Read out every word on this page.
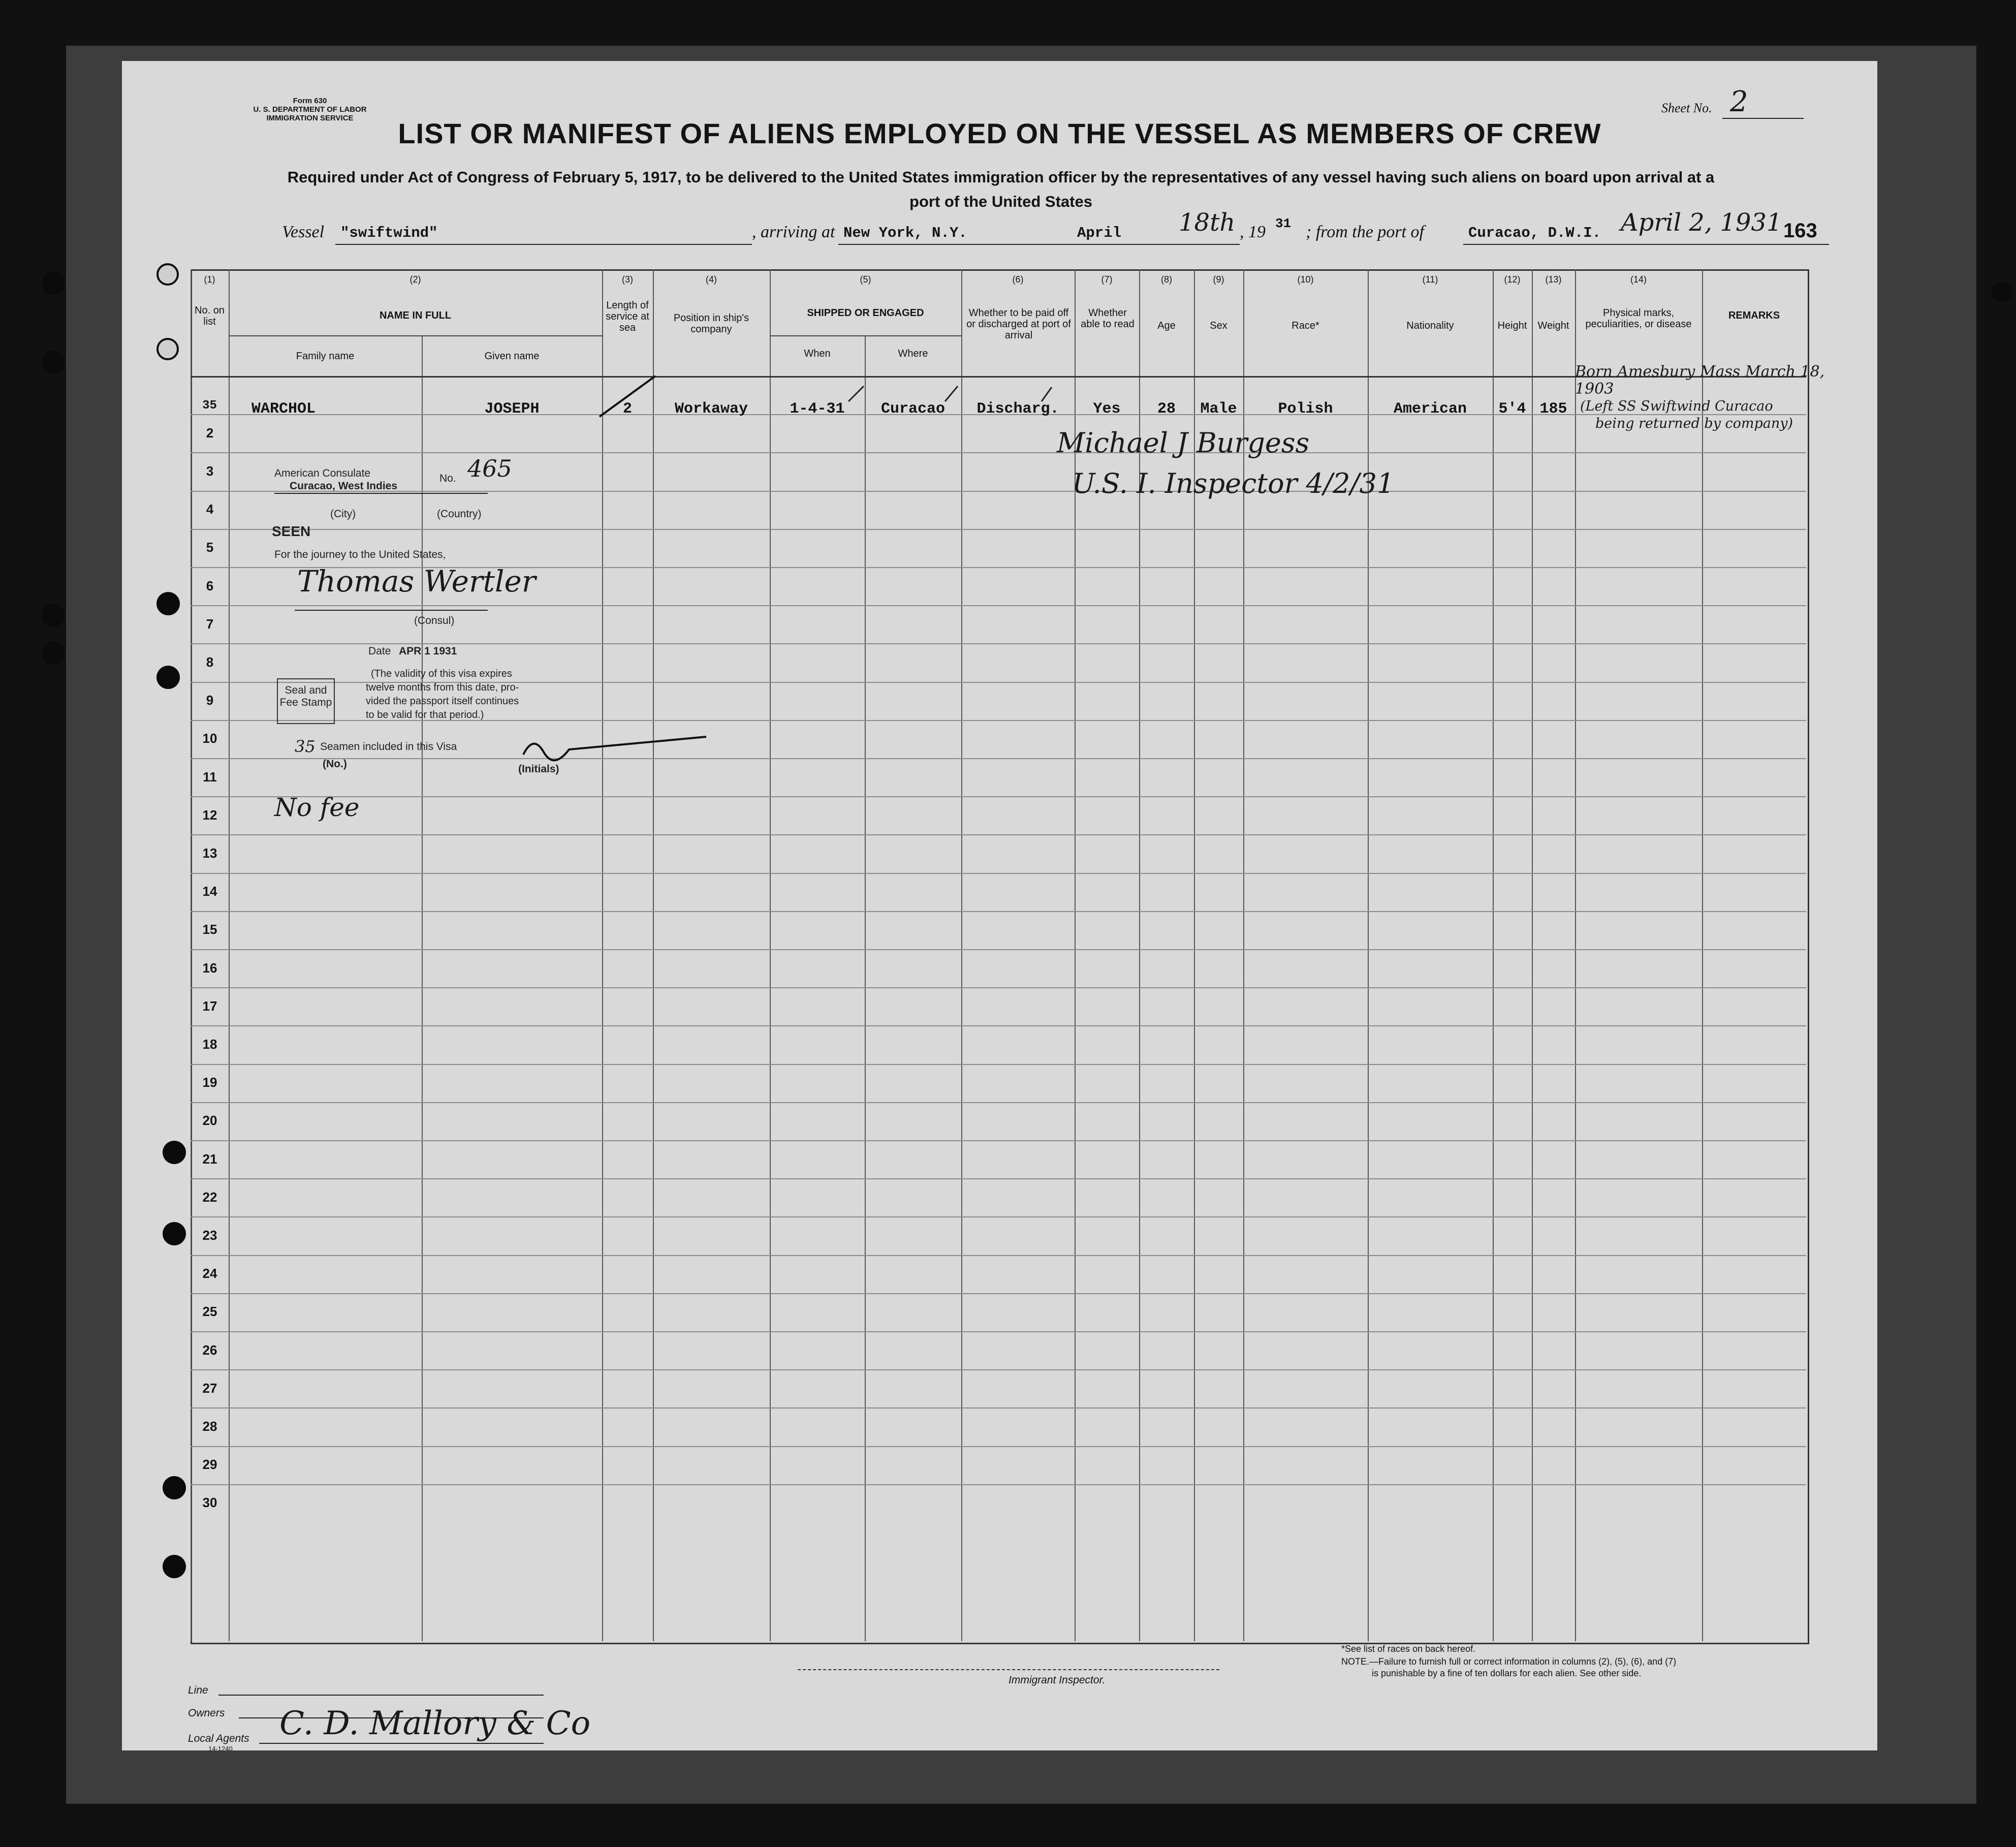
Form 630
U. S. DEPARTMENT OF LABOR
IMMIGRATION SERVICE
Sheet No. 2
LIST OR MANIFEST OF ALIENS EMPLOYED ON THE VESSEL AS MEMBERS OF CREW
Required under Act of Congress of February 5, 1917, to be delivered to the United States immigration officer by the representatives of any vessel having such aliens on board upon arrival at a
port of the United States
Vessel "swiftwind"	, arriving at New York, N.Y.	April 18th , 19 31 ; from the port of	Curacao, D.W.I. April 2, 1931 163
(1)	(2)	(3)	(4)	(5)	(6)	(7)	(8)	(9)	(10)	(11)	(12)	(13)	(14)
No. on list
NAME IN FULL
Family name	Given name
Length of service at sea
Position in ship's company
SHIPPED OR ENGAGED
When	Where
Whether to be paid off or discharged at port of arrival
Whether able to read	Age	Sex	Race*	Nationality	Height	Weight
Physical marks, peculiarities, or disease
REMARKS
2
3
4
5
6
7
8
9
10
11
12
13
14
15
16
17
18
19
20
21
22
23
24
25
26
27
28
29
30
35	WARCHOL	JOSEPH	2	Workaway	1-4-31	Curacao	Discharg.	Yes	28	Male	Polish	American	5'4 185
Born Amesbury Mass March 18, 1903
(Left SS Swiftwind Curacao
being returned by company)
Michael J Burgess
U.S. I. Inspector 4/2/31
American Consulate
Curacao, West Indies
No. 465
(City)	(Country)
SEEN
For the journey to the United States,
Thomas Wertler
(Consul)
Date APR 1 1931
Seal and
Fee Stamp
(The validity of this visa expires
twelve months from this date, pro-
vided the passport itself continues
to be valid for that period.)
35 Seamen included in this Visa
(No.)	(Initials)
No fee
Line
Owners
Local Agents
14-1240
C. D. Mallory & Co
Immigrant Inspector.
*See list of races on back hereof.
NOTE.—Failure to furnish full or correct information in columns (2), (5), (6), and (7)
is punishable by a fine of ten dollars for each alien. See other side.
